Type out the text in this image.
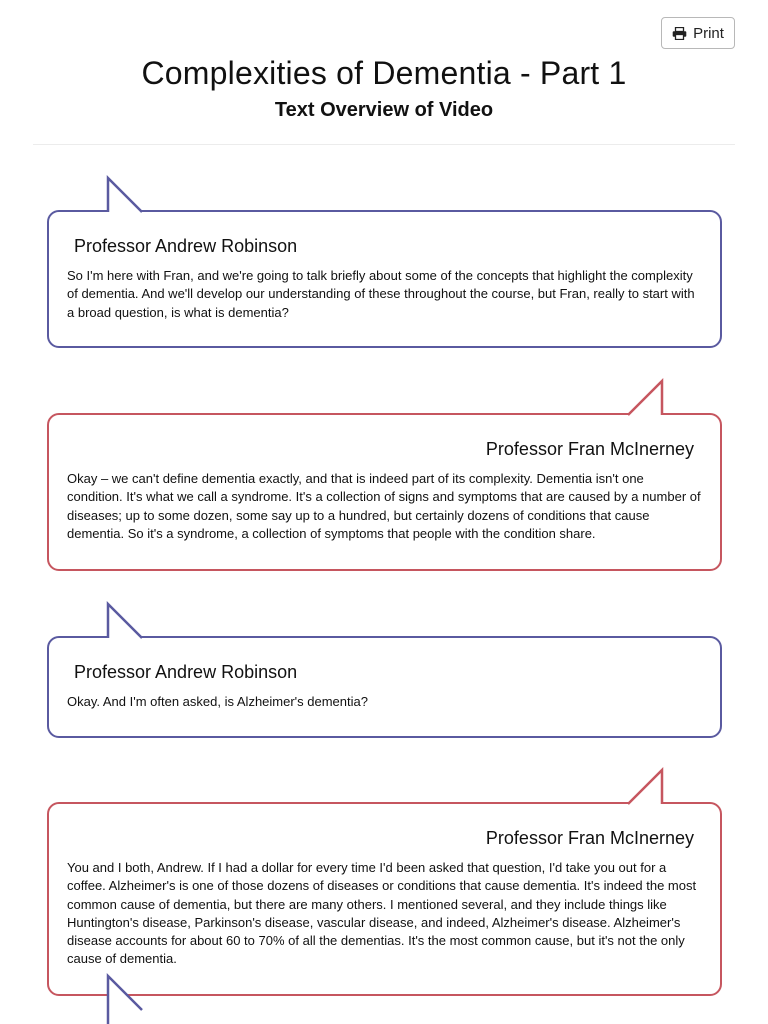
Print
Complexities of Dementia - Part 1
Text Overview of Video
Professor Andrew Robinson

So I'm here with Fran, and we're going to talk briefly about some of the concepts that highlight the complexity of dementia. And we'll develop our understanding of these throughout the course, but Fran, really to start with a broad question, is what is dementia?

Professor Fran McInerney

Okay – we can't define dementia exactly, and that is indeed part of its complexity. Dementia isn't one condition. It's what we call a syndrome. It's a collection of signs and symptoms that are caused by a number of diseases; up to some dozen, some say up to a hundred, but certainly dozens of conditions that cause dementia. So it's a syndrome, a collection of symptoms that people with the condition share.

Professor Andrew Robinson

Okay. And I'm often asked, is Alzheimer's dementia?

Professor Fran McInerney

You and I both, Andrew. If I had a dollar for every time I'd been asked that question, I'd take you out for a coffee. Alzheimer's is one of those dozens of diseases or conditions that cause dementia. It's indeed the most common cause of dementia, but there are many others. I mentioned several, and they include things like Huntington's disease, Parkinson's disease, vascular disease, and indeed, Alzheimer's disease. Alzheimer's disease accounts for about 60 to 70% of all the dementias. It's the most common cause, but it's not the only cause of dementia.
